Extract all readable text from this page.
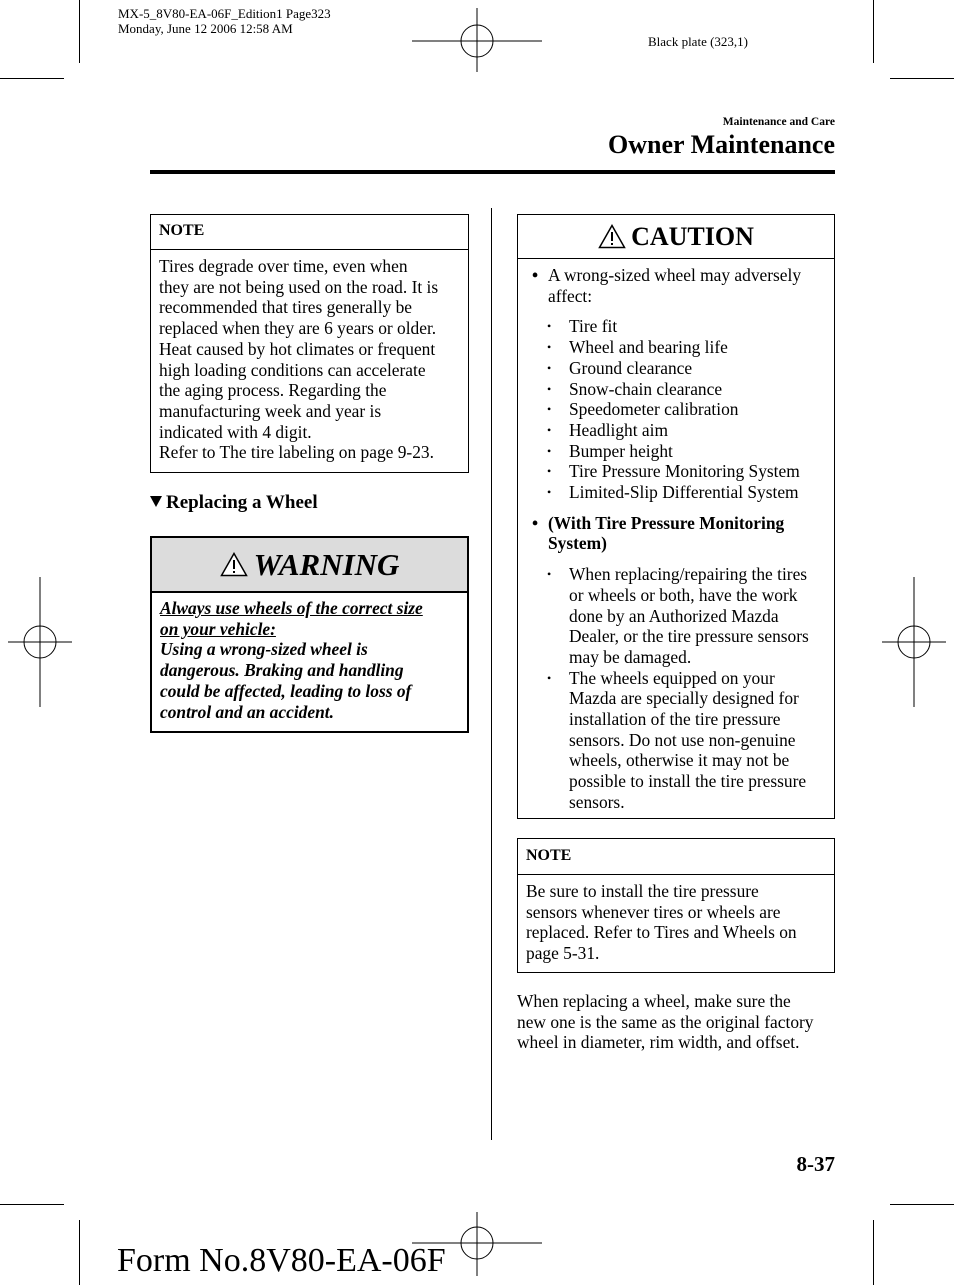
MX-5_8V80-EA-06F_Edition1 Page323
Monday, June 12 2006 12:58 AM
Black plate (323,1)
Maintenance and Care
Owner Maintenance
NOTE
Tires degrade over time, even when
they are not being used on the road. It is
recommended that tires generally be
replaced when they are 6 years or older.
Heat caused by hot climates or frequent
high loading conditions can accelerate
the aging process. Regarding the
manufacturing week and year is
indicated with 4 digit.
Refer to The tire labeling on page 9-23.
Replacing a Wheel
WARNING
Always use wheels of the correct size
on your vehicle:
Using a wrong-sized wheel is
dangerous. Braking and handling
could be affected, leading to loss of
control and an accident.
CAUTION
• A wrong-sized wheel may adversely
affect:
• Tire fit
• Wheel and bearing life
• Ground clearance
• Snow-chain clearance
• Speedometer calibration
• Headlight aim
• Bumper height
• Tire Pressure Monitoring System
• Limited-Slip Differential System
• (With Tire Pressure Monitoring
System)
• When replacing/repairing the tires
or wheels or both, have the work
done by an Authorized Mazda
Dealer, or the tire pressure sensors
may be damaged.
• The wheels equipped on your
Mazda are specially designed for
installation of the tire pressure
sensors. Do not use non-genuine
wheels, otherwise it may not be
possible to install the tire pressure
sensors.
NOTE
Be sure to install the tire pressure
sensors whenever tires or wheels are
replaced. Refer to Tires and Wheels on
page 5-31.
When replacing a wheel, make sure the
new one is the same as the original factory
wheel in diameter, rim width, and offset.
8-37
Form No.8V80-EA-06F
